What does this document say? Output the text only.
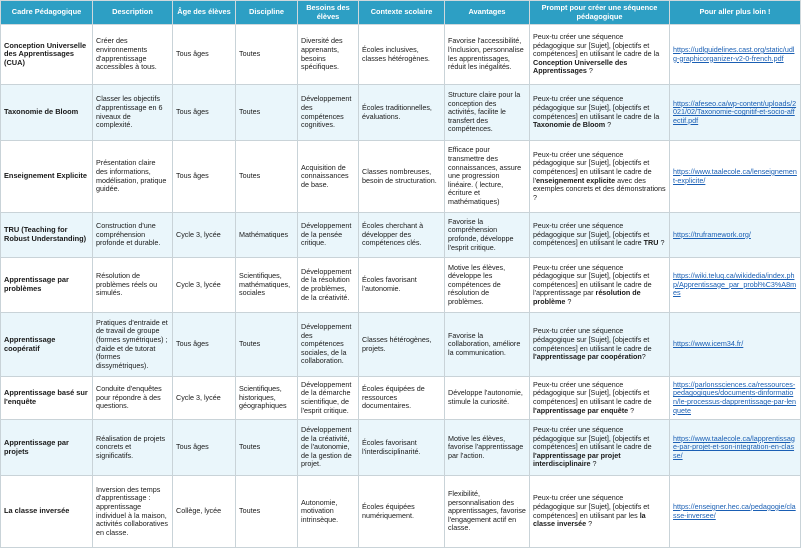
Cadre Pédagogique	Description	Âge des élèves	Discipline	Besoins des élèves	Contexte scolaire	Avantages	Prompt pour créer une séquence pédagogique	Pour aller plus loin !
Conception Universelle des Apprentissages (CUA)	Créer des environnements d'apprentissage accessibles à tous.	Tous âges	Toutes	Diversité des apprenants, besoins spécifiques.	Écoles inclusives, classes hétérogènes.	Favorise l'accessibilité, l'inclusion, personnalise les apprentissages, réduit les inégalités.	Peux-tu créer une séquence pédagogique sur [Sujet], [objectifs et compétences] en utilisant le cadre de la Conception Universelle des Apprentissages ?	https://udlguidelines.cast.org/static/udlg-graphicorganizer-v2-0-french.pdf
Taxonomie de Bloom	Classer les objectifs d'apprentissage en 6 niveaux de complexité.	Tous âges	Toutes	Développement des compétences cognitives.	Écoles traditionnelles, évaluations.	Structure claire pour la conception des activités, facilite le transfert des compétences.	Peux-tu créer une séquence pédagogique sur [Sujet], [objectifs et compétences] en utilisant le cadre de la Taxonomie de Bloom ?	https://afeseo.ca/wp-content/uploads/2021/02/Taxonomie-cognitif-et-socio-affectif.pdf
Enseignement Explicite	Présentation claire des informations, modélisation, pratique guidée.	Tous âges	Toutes	Acquisition de connaissances de base.	Classes nombreuses, besoin de structuration.	Efficace pour transmettre des connaissances, assure une progression linéaire. ( lecture, écriture et mathématiques)	Peux-tu créer une séquence pédagogique sur [Sujet], [objectifs et compétences] en utilisant le cadre de l'enseignement explicite avec des exemples concrets et des démonstrations ?	https://www.taalecole.ca/lenseignement-explicite/
TRU (Teaching for Robust Understanding)	Construction d'une compréhension profonde et durable.	Cycle 3, lycée	Mathématiques	Développement de la pensée critique.	Écoles cherchant à développer des compétences clés.	Favorise la compréhension profonde, développe l'esprit critique.	Peux-tu créer une séquence pédagogique sur [Sujet], [objectifs et compétences] en utilisant le cadre TRU ?	https://truframework.org/
Apprentissage par problèmes	Résolution de problèmes réels ou simulés.	Cycle 3, lycée	Scientifiques, mathématiques, sociales	Développement de la résolution de problèmes, de la créativité.	Écoles favorisant l'autonomie.	Motive les élèves, développe les compétences de résolution de problèmes.	Peux-tu créer une séquence pédagogique sur [Sujet], [objectifs et compétences] en utilisant le cadre de l'apprentissage par résolution de problème ?	https://wiki.teluq.ca/wikidedia/index.php/Apprentissage_par_probl%C3%A8mes
Apprentissage coopératif	Pratiques d'entraide et de travail de groupe (formes symétriques) ; d'aide et de tutorat (formes dissymétriques).	Tous âges	Toutes	Développement des compétences sociales, de la collaboration.	Classes hétérogènes, projets.	Favorise la collaboration, améliore la communication.	Peux-tu créer une séquence pédagogique sur [Sujet], [objectifs et compétences] en utilisant le cadre de l'apprentissage par coopération?	https://www.icem34.fr/
Apprentissage basé sur l'enquête	Conduite d'enquêtes pour répondre à des questions.	Cycle 3, lycée	Scientifiques, historiques, géographiques	Développement de la démarche scientifique, de l'esprit critique.	Écoles équipées de ressources documentaires.	Développe l'autonomie, stimule la curiosité.	Peux-tu créer une séquence pédagogique sur [Sujet], [objectifs et compétences] en utilisant le cadre de l'apprentissage par enquête ?	https://parlonssciences.ca/ressources-pedagogiques/documents-dinformation/le-processus-dapprentissage-par-lenquete
Apprentissage par projets	Réalisation de projets concrets et significatifs.	Tous âges	Toutes	Développement de la créativité, de l'autonomie, de la gestion de projet.	Écoles favorisant l'interdisciplinarité.	Motive les élèves, favorise l'apprentissage par l'action.	Peux-tu créer une séquence pédagogique sur [Sujet], [objectifs et compétences] en utilisant le cadre de l'apprentissage par projet interdisciplinaire ?	https://www.taalecole.ca/lapprentissage-par-projet-et-son-integration-en-classe/
La classe inversée	Inversion des temps d'apprentissage : apprentissage individuel à la maison, activités collaboratives en classe.	Collège, lycée	Toutes	Autonomie, motivation intrinsèque.	Écoles équipées numériquement.	Flexibilité, personnalisation des apprentissages, favorise l'engagement actif en classe.	Peux-tu créer une séquence pédagogique sur [Sujet], [objectifs et compétences] en utilisant par les la classe inversée ?	https://enseigner.hec.ca/pedagogie/classe-inversee/
